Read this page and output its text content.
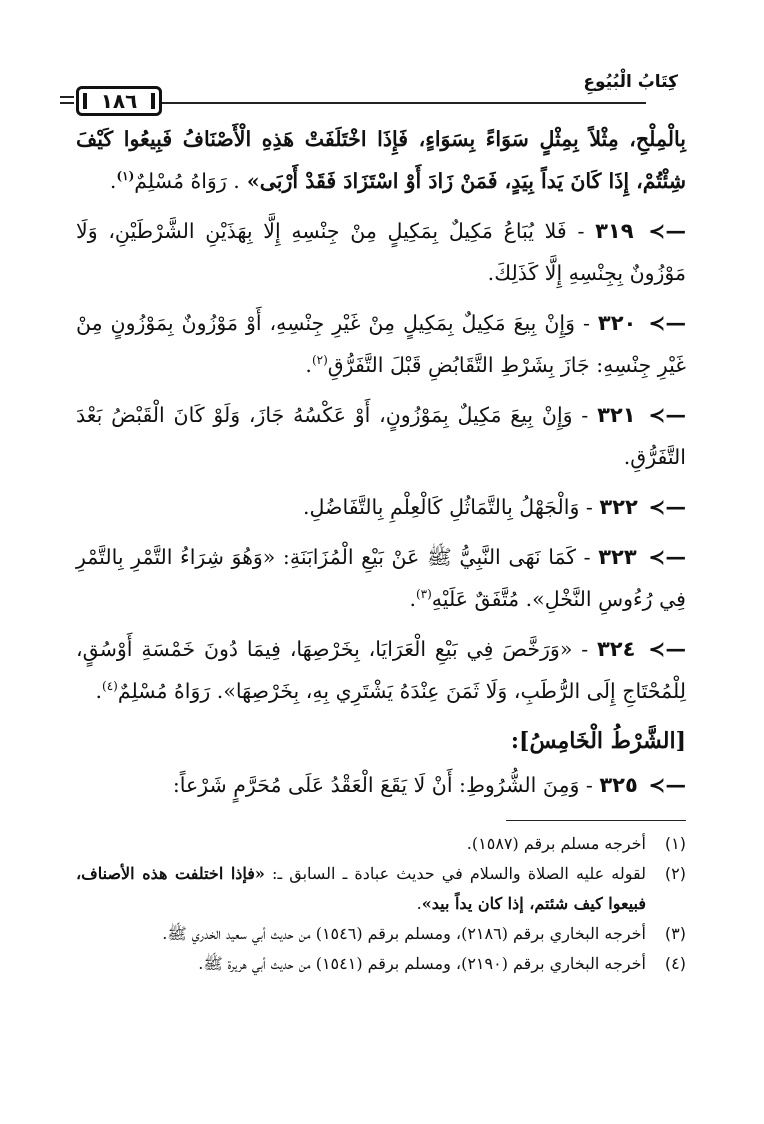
كِتَابُ الْبُيُوعِ
١٨٦

بِالْمِلْحِ، مِثْلاً بِمِثْلٍ سَوَاءً بِسَوَاءٍ، فَإِذَا اخْتَلَفَتْ هَذِهِ الْأَصْنَافُ فَبِيعُوا كَيْفَ شِئْتُمْ، إِذَا كَانَ يَداً بِيَدٍ، فَمَنْ زَادَ أَوْ اسْتَزَادَ فَقَدْ أَرْبَى» . رَوَاهُ مُسْلِمٌ$^{(١)}$.

—≻ ٣١٩ - فَلا يُبَاعُ مَكِيلٌ بِمَكِيلٍ مِنْ جِنْسِهِ إِلَّا بِهَذَيْنِ الشَّرْطَيْنِ، وَلَا مَوْزُونٌ بِجِنْسِهِ إِلَّا كَذَلِكَ.

—≻ ٣٢٠ - وَإِنْ بِيعَ مَكِيلٌ بِمَكِيلٍ مِنْ غَيْرِ جِنْسِهِ، أَوْ مَوْزُونٌ بِمَوْزُونٍ مِنْ غَيْرِ جِنْسِهِ: جَازَ بِشَرْطِ التَّقَابُضِ قَبْلَ التَّفَرُّقِ$^{(٢)}$.

—≻ ٣٢١ - وَإِنْ بِيعَ مَكِيلٌ بِمَوْزُونٍ، أَوْ عَكْسُهُ جَازَ، وَلَوْ كَانَ الْقَبْضُ بَعْدَ التَّفَرُّقِ.

—≻ ٣٢٢ - وَالْجَهْلُ بِالتَّمَاثُلِ كَالْعِلْمِ بِالتَّفَاضُلِ.

—≻ ٣٢٣ - كَمَا نَهَى النَّبِيُّ ﷺ عَنْ بَيْعِ الْمُزَابَنَةِ: «وَهُوَ شِرَاءُ التَّمْرِ بِالتَّمْرِ فِي رُءُوسِ النَّخْلِ». مُتَّفَقٌ عَلَيْهِ$^{(٣)}$.

—≻ ٣٢٤ - «وَرَخَّصَ فِي بَيْعِ الْعَرَايَا، بِخَرْصِهَا، فِيمَا دُونَ خَمْسَةِ أَوْسُقٍ، لِلْمُحْتَاجِ إِلَى الرُّطَبِ، وَلَا ثَمَنَ عِنْدَهُ يَشْتَرِي بِهِ، بِخَرْصِهَا». رَوَاهُ مُسْلِمٌ$^{(٤)}$.

[الشَّرْطُ الْخَامِسُ]:

—≻ ٣٢٥ - وَمِنَ الشُّرُوطِ: أَنْ لَا يَقَعَ الْعَقْدُ عَلَى مُحَرَّمٍ شَرْعاً:

(١)
أخرجه مسلم برقم (١٥٨٧).
(٢)
لقوله عليه الصلاة والسلام في حديث عبادة ـ السابق ـ: «فإذا اختلفت هذه الأصناف، فبيعوا كيف شئتم، إذا كان يداً بيد».
(٣)
أخرجه البخاري برقم (٢١٨٦)، ومسلم برقم (١٥٤٦) من حديث أبي سعيد الخدري ﷺ.
(٤)
أخرجه البخاري برقم (٢١٩٠)، ومسلم برقم (١٥٤١) من حديث أبي هريرة ﷺ.
